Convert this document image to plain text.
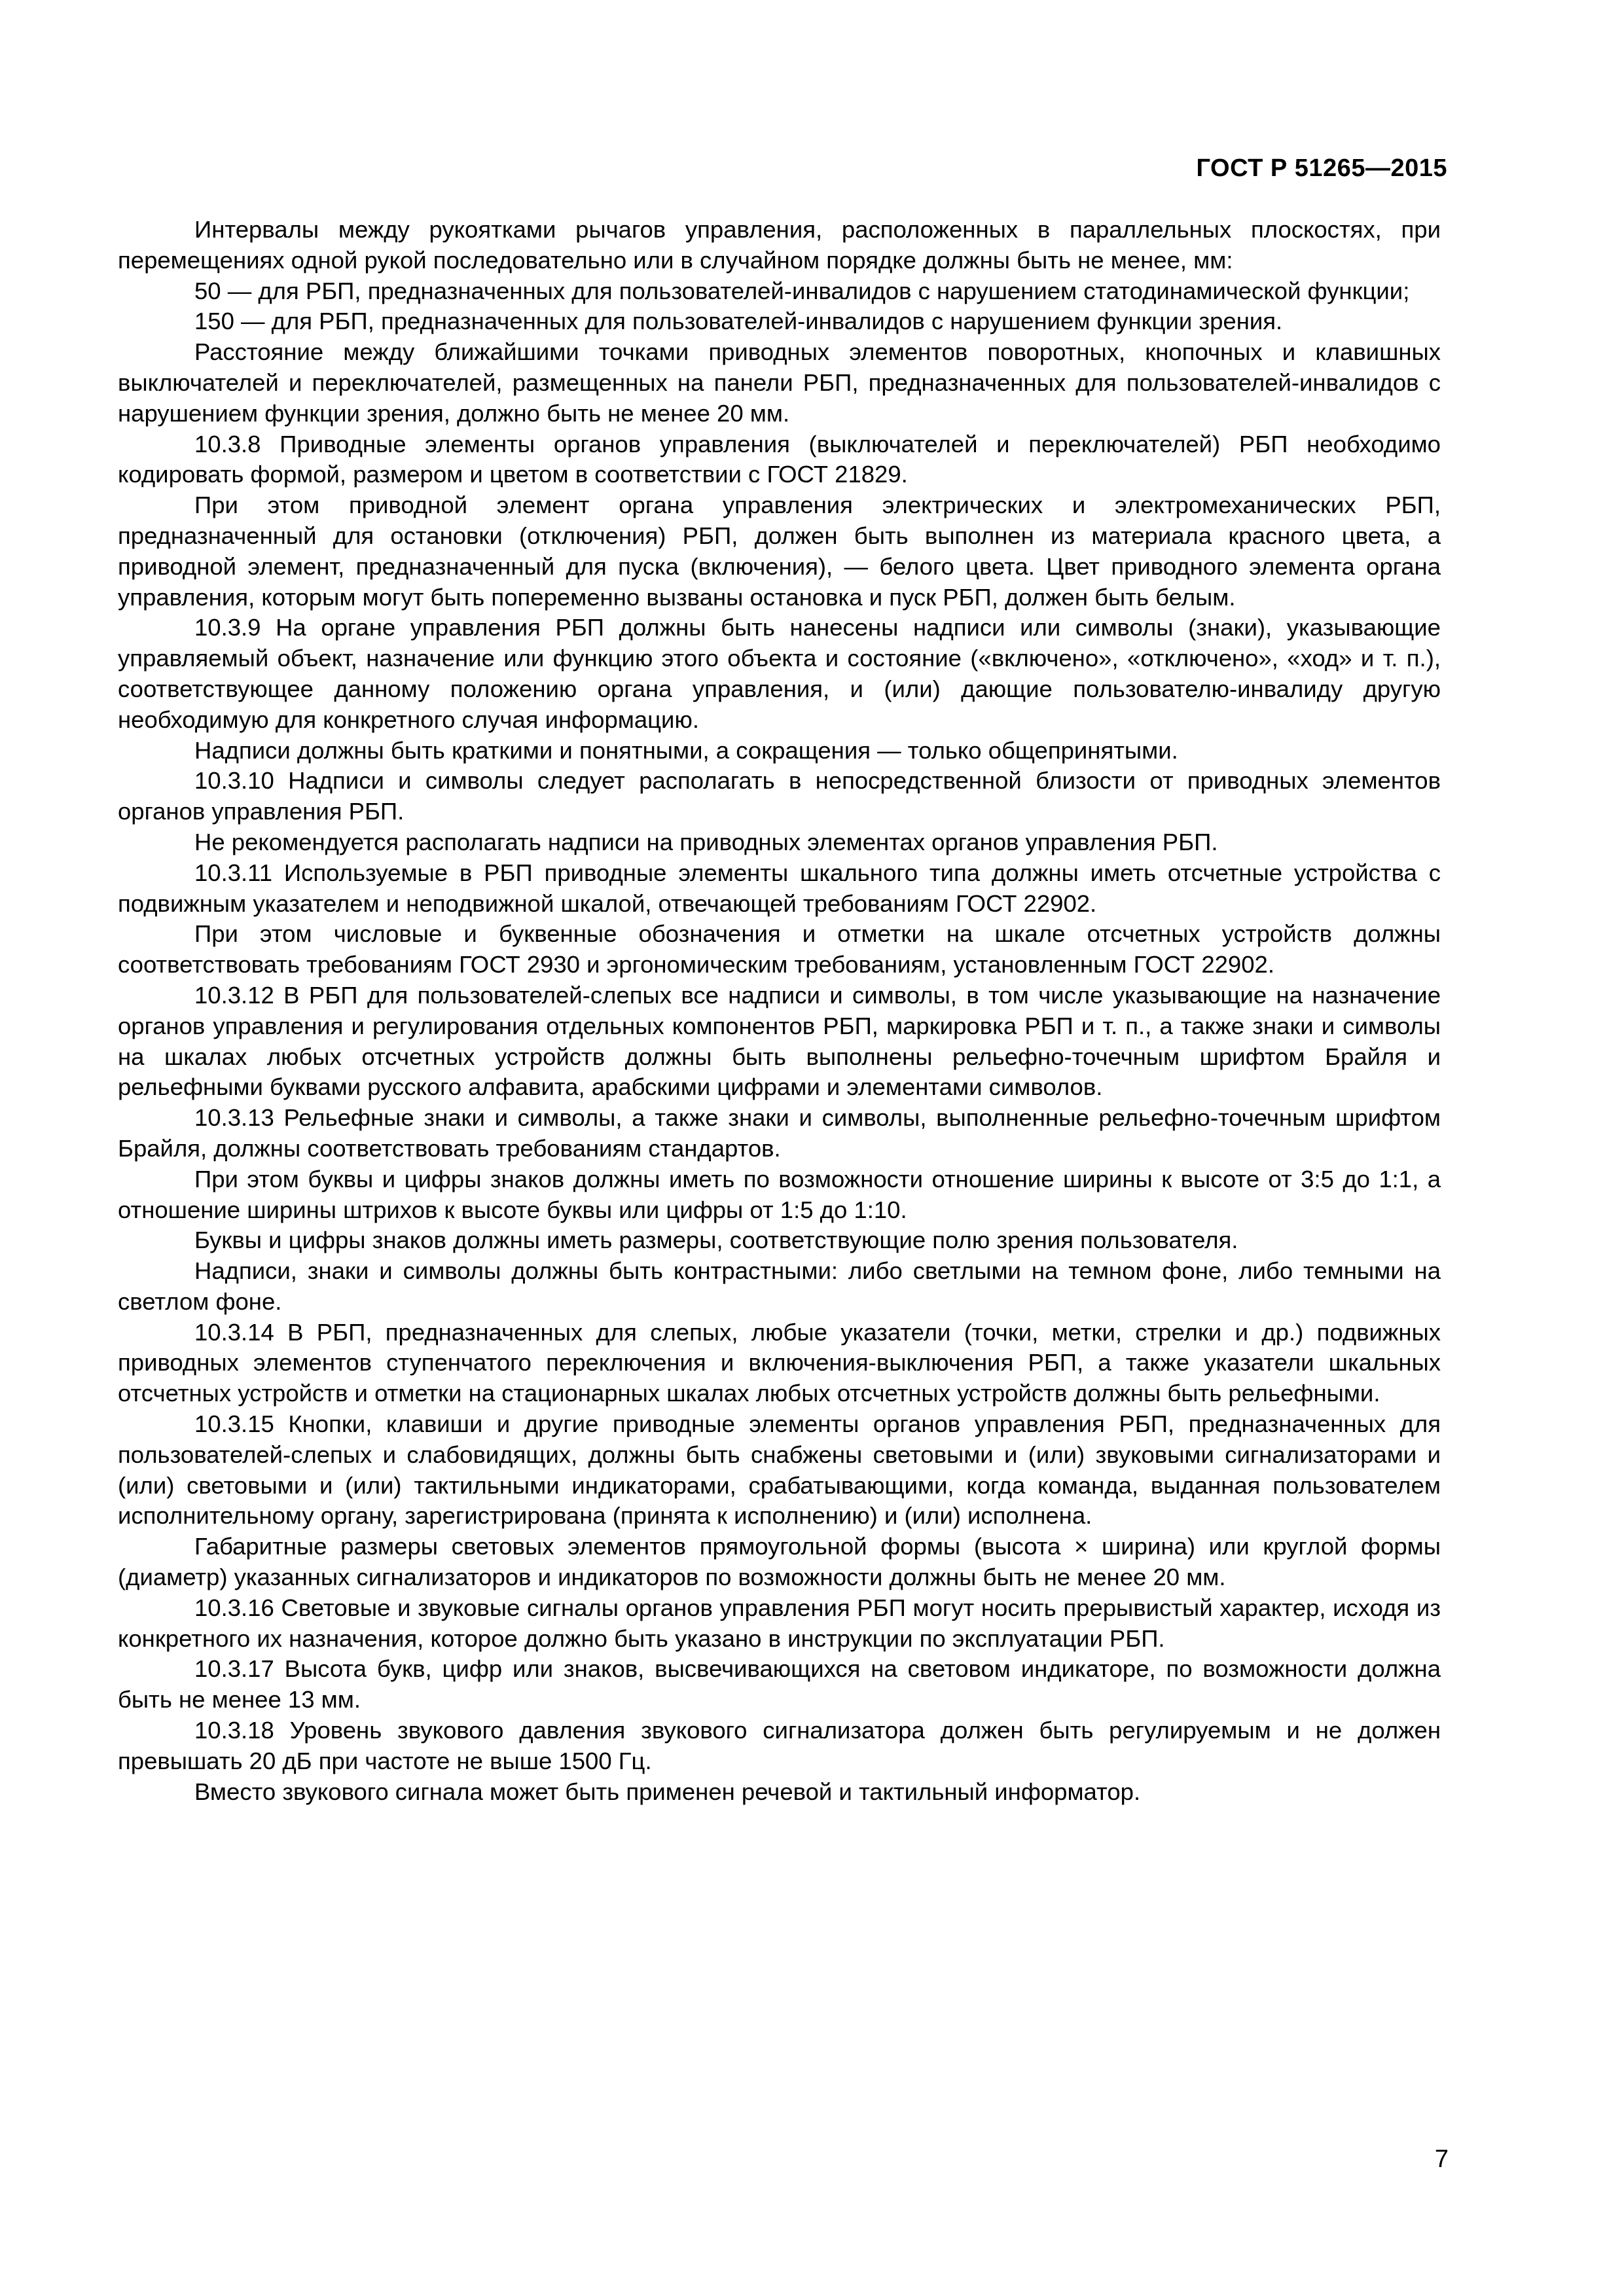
ГОСТ Р 51265—2015

Интервалы между рукоятками рычагов управления, расположенных в параллельных плоскостях, при перемещениях одной рукой последовательно или в случайном порядке должны быть не менее, мм:

50 — для РБП, предназначенных для пользователей-инвалидов с нарушением статодинамической функции;

150 — для РБП, предназначенных для пользователей-инвалидов с нарушением функции зрения.

Расстояние между ближайшими точками приводных элементов поворотных, кнопочных и клавишных выключателей и переключателей, размещенных на панели РБП, предназначенных для пользователей-инвалидов с нарушением функции зрения, должно быть не менее 20 мм.

10.3.8 Приводные элементы органов управления (выключателей и переключателей) РБП необходимо кодировать формой, размером и цветом в соответствии с ГОСТ 21829.

При этом приводной элемент органа управления электрических и электромеханических РБП, предназначенный для остановки (отключения) РБП, должен быть выполнен из материала красного цвета, а приводной элемент, предназначенный для пуска (включения), — белого цвета. Цвет приводного элемента органа управления, которым могут быть попеременно вызваны остановка и пуск РБП, должен быть белым.

10.3.9 На органе управления РБП должны быть нанесены надписи или символы (знаки), указывающие управляемый объект, назначение или функцию этого объекта и состояние («включено», «отключено», «ход» и т. п.), соответствующее данному положению органа управления, и (или) дающие пользователю-инвалиду другую необходимую для конкретного случая информацию.

Надписи должны быть краткими и понятными, а сокращения — только общепринятыми.

10.3.10 Надписи и символы следует располагать в непосредственной близости от приводных элементов органов управления РБП.

Не рекомендуется располагать надписи на приводных элементах органов управления РБП.

10.3.11 Используемые в РБП приводные элементы шкального типа должны иметь отсчетные устройства с подвижным указателем и неподвижной шкалой, отвечающей требованиям ГОСТ 22902.

При этом числовые и буквенные обозначения и отметки на шкале отсчетных устройств должны соответствовать требованиям ГОСТ 2930 и эргономическим требованиям, установленным ГОСТ 22902.

10.3.12 В РБП для пользователей-слепых все надписи и символы, в том числе указывающие на назначение органов управления и регулирования отдельных компонентов РБП, маркировка РБП и т. п., а также знаки и символы на шкалах любых отсчетных устройств должны быть выполнены рельефно-точечным шрифтом Брайля и рельефными буквами русского алфавита, арабскими цифрами и элементами символов.

10.3.13 Рельефные знаки и символы, а также знаки и символы, выполненные рельефно-точечным шрифтом Брайля, должны соответствовать требованиям стандартов.

При этом буквы и цифры знаков должны иметь по возможности отношение ширины к высоте от 3:5 до 1:1, а отношение ширины штрихов к высоте буквы или цифры от 1:5 до 1:10.

Буквы и цифры знаков должны иметь размеры, соответствующие полю зрения пользователя.

Надписи, знаки и символы должны быть контрастными: либо светлыми на темном фоне, либо темными на светлом фоне.

10.3.14 В РБП, предназначенных для слепых, любые указатели (точки, метки, стрелки и др.) подвижных приводных элементов ступенчатого переключения и включения-выключения РБП, а также указатели шкальных отсчетных устройств и отметки на стационарных шкалах любых отсчетных устройств должны быть рельефными.

10.3.15 Кнопки, клавиши и другие приводные элементы органов управления РБП, предназначенных для пользователей-слепых и слабовидящих, должны быть снабжены световыми и (или) звуковыми сигнализаторами и (или) световыми и (или) тактильными индикаторами, срабатывающими, когда команда, выданная пользователем исполнительному органу, зарегистрирована (принята к исполнению) и (или) исполнена.

Габаритные размеры световых элементов прямоугольной формы (высота × ширина) или круглой формы (диаметр) указанных сигнализаторов и индикаторов по возможности должны быть не менее 20 мм.

10.3.16 Световые и звуковые сигналы органов управления РБП могут носить прерывистый характер, исходя из конкретного их назначения, которое должно быть указано в инструкции по эксплуатации РБП.

10.3.17 Высота букв, цифр или знаков, высвечивающихся на световом индикаторе, по возможности должна быть не менее 13 мм.

10.3.18 Уровень звукового давления звукового сигнализатора должен быть регулируемым и не должен превышать 20 дБ при частоте не выше 1500 Гц.

Вместо звукового сигнала может быть применен речевой и тактильный информатор.

7
